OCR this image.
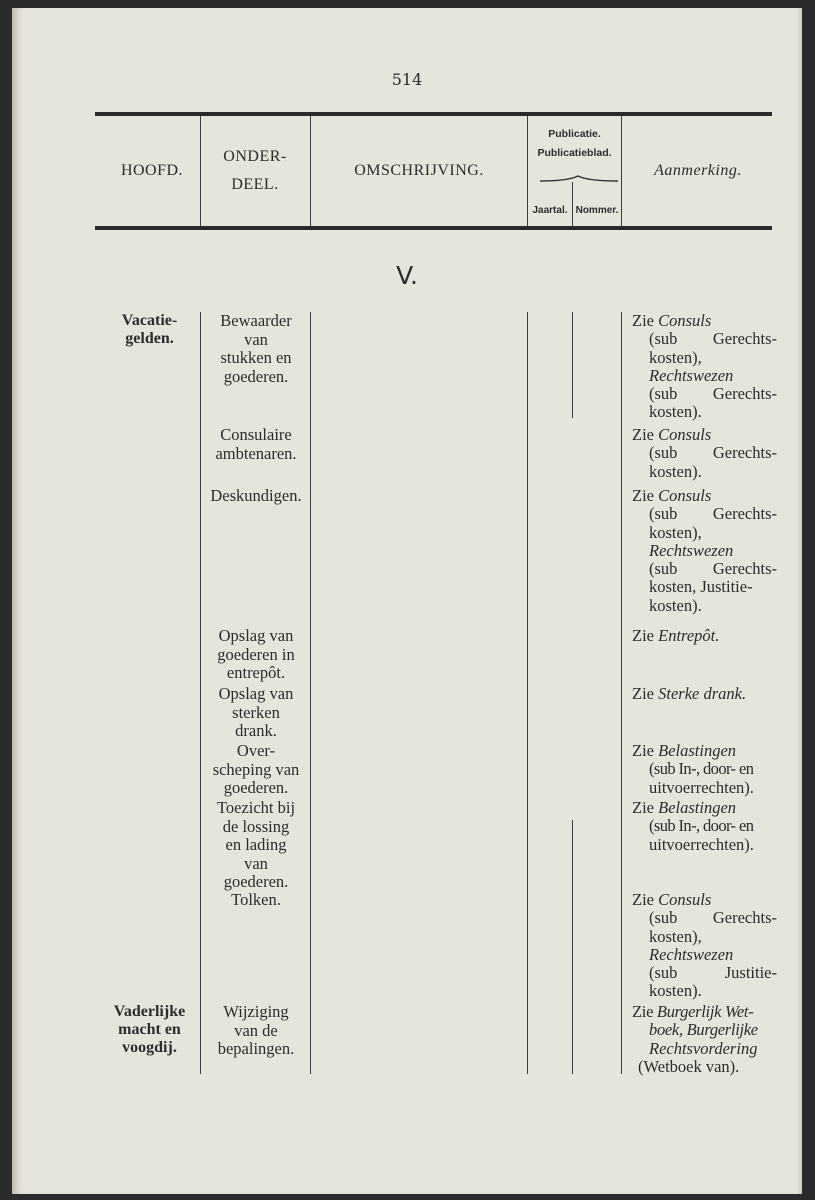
514
HOOFD.
ONDER-
DEEL.
OMSCHRIJVING.
Publicatie.
Publicatieblad.
Jaartal. Nommer.
Aanmerking.
V.
Vacatie-
gelden.
Vaderlijke
macht en
voogdij.
Bewaarder
van
stukken en
goederen.
Consulaire
ambtenaren.
Deskundigen.
Opslag van
goederen in
entrepôt.
Opslag van
sterken
drank.
Over-
scheping van
goederen.
Toezicht bij
de lossing
en lading
van
goederen.
Tolken.
Wijziging
van de
bepalingen.
Zie Consuls
(sub Gerechts-
kosten),
Rechtswezen
(sub Gerechts-
kosten).
Zie Consuls
(sub Gerechts-
kosten).
Zie Consuls
(sub Gerechts-
kosten),
Rechtswezen
(sub Gerechts-
kosten, Justitie-
kosten).
Zie Entrepôt.
Zie Sterke drank.
Zie Belastingen
(sub In-, door- en
uitvoerrechten).
Zie Belastingen
(sub In-, door- en
uitvoerrechten).
Zie Consuls
(sub Gerechts-
kosten),
Rechtswezen
(sub	Justitie-
kosten).
Zie Burgerlijk Wet-
boek, Burgerlijke
Rechtsvordering
(Wetboek van).
